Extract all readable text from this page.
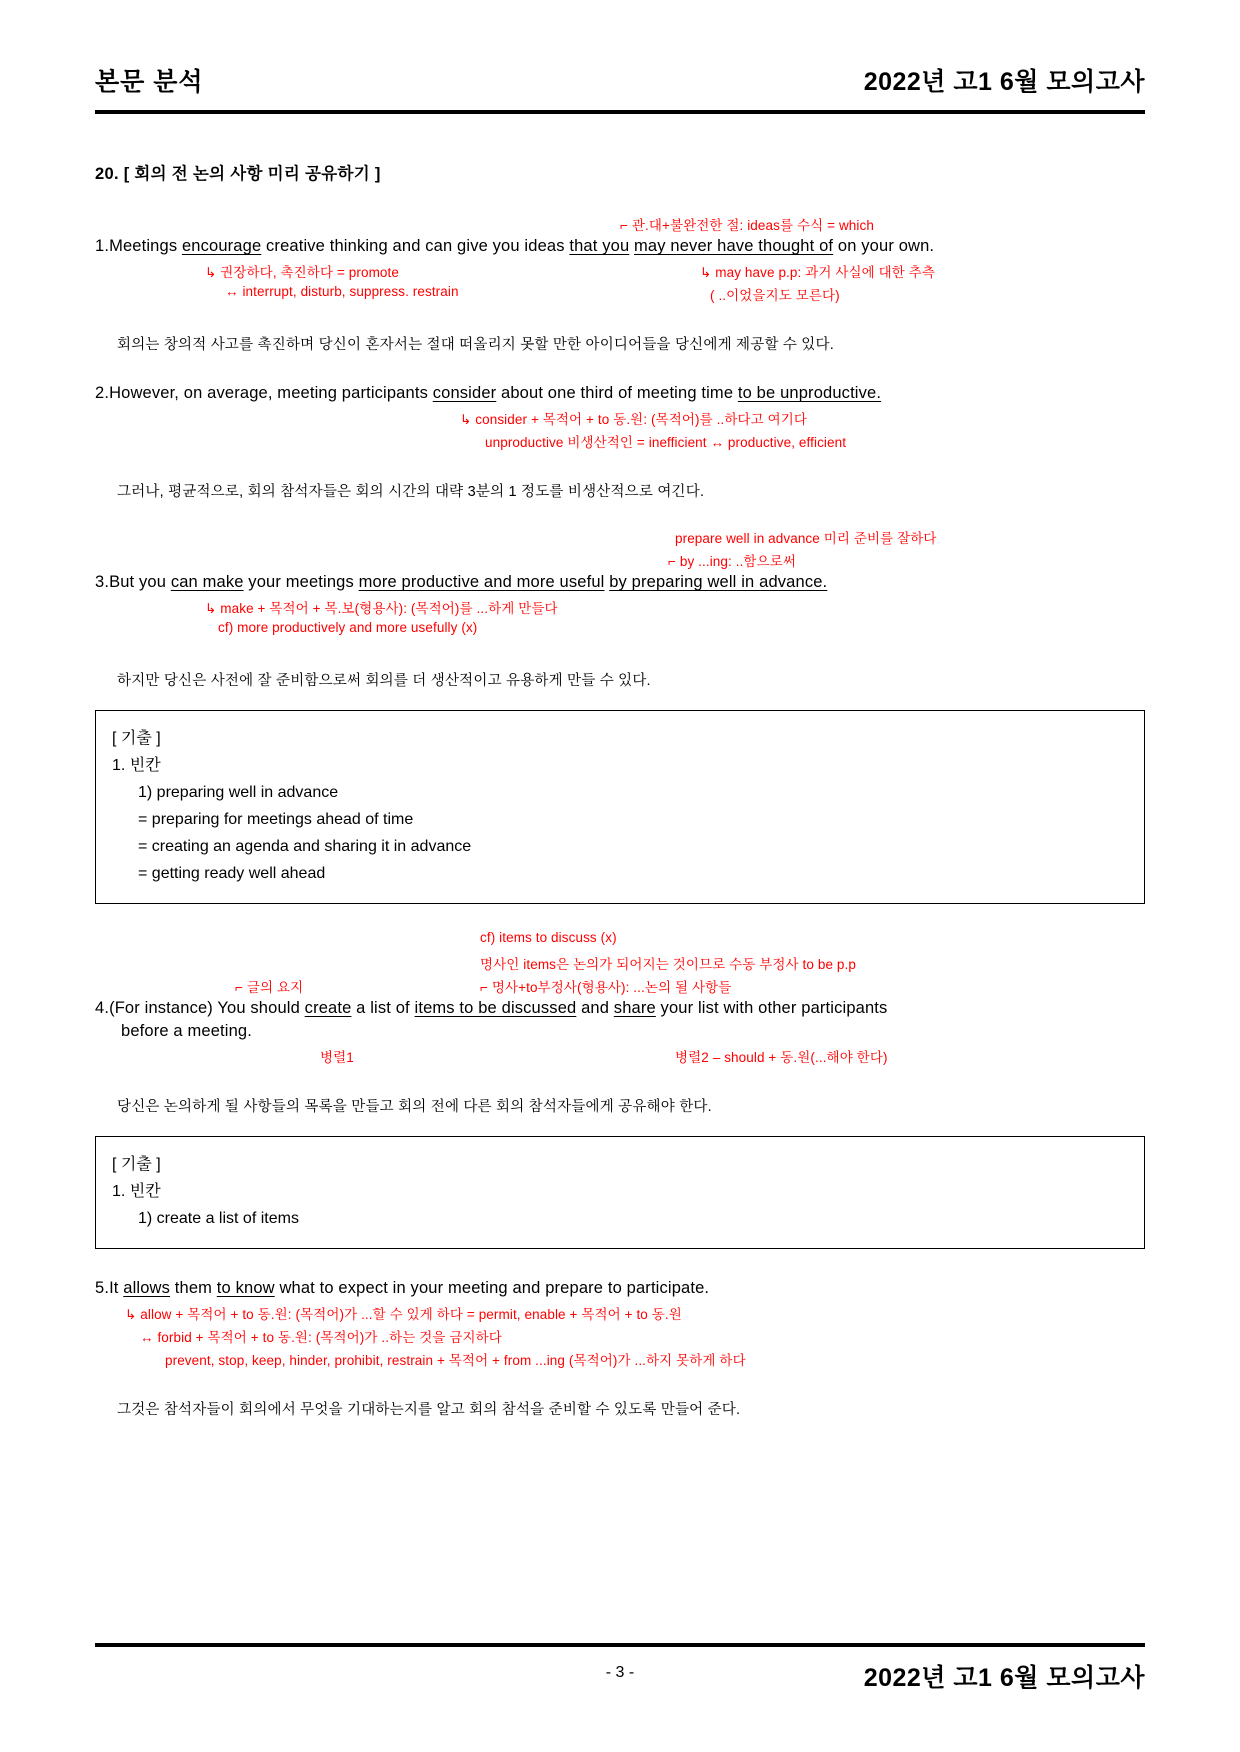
본문 분석	2022년 고1 6월 모의고사
20. [ 회의 전 논의 사항 미리 공유하기 ]
⌐ 관.대+불완전한 절: ideas를 수식 = which
1.Meetings encourage creative thinking and can give you ideas that you may never have thought of on your own.
↳ 권장하다, 촉진하다 = promote
↔ interrupt, disturb, suppress. restrain
↳ may have p.p: 과거 사실에 대한 추측
( ..이었을지도 모른다)
회의는 창의적 사고를 촉진하며 당신이 혼자서는 절대 떠올리지 못할 만한 아이디어들을 당신에게 제공할 수 있다.
2.However, on average, meeting participants consider about one third of meeting time to be unproductive.
↳ consider + 목적어 + to 동.원: (목적어)를 ..하다고 여기다
unproductive 비생산적인 = inefficient ↔ productive, efficient
그러나, 평균적으로, 회의 참석자들은 회의 시간의 대략 3분의 1 정도를 비생산적으로 여긴다.
prepare well in advance 미리 준비를 잘하다
⌐ by ...ing: ..함으로써
3.But you can make your meetings more productive and more useful by preparing well in advance.
↳ make + 목적어 + 목.보(형용사): (목적어)를 ...하게 만들다
cf) more productively and more usefully (x)
하지만 당신은 사전에 잘 준비함으로써 회의를 더 생산적이고 유용하게 만들 수 있다.
[ 기출 ]
1. 빈칸
1) preparing well in advance
= preparing for meetings ahead of time
= creating an agenda and sharing it in advance
= getting ready well ahead
cf) items to discuss (x)
명사인 items은 논의가 되어지는 것이므로 수동 부정사 to be p.p
⌐ 글의 요지	⌐ 명사+to부정사(형용사): ...논의 될 사항들
4.(For instance) You should create a list of items to be discussed and share your list with other participants
before a meeting.
병렬1	병렬2 – should + 동.원(...해야 한다)
당신은 논의하게 될 사항들의 목록을 만들고 회의 전에 다른 회의 참석자들에게 공유해야 한다.
[ 기출 ]
1. 빈칸
1) create a list of items
5.It allows them to know what to expect in your meeting and prepare to participate.
↳ allow + 목적어 + to 동.원: (목적어)가 ...할 수 있게 하다 = permit, enable + 목적어 + to 동.원
↔ forbid + 목적어 + to 동.원: (목적어)가 ..하는 것을 금지하다
prevent, stop, keep, hinder, prohibit, restrain + 목적어 + from ...ing (목적어)가 ...하지 못하게 하다
그것은 참석자들이 회의에서 무엇을 기대하는지를 알고 회의 참석을 준비할 수 있도록 만들어 준다.
- 3 -	2022년 고1 6월 모의고사
